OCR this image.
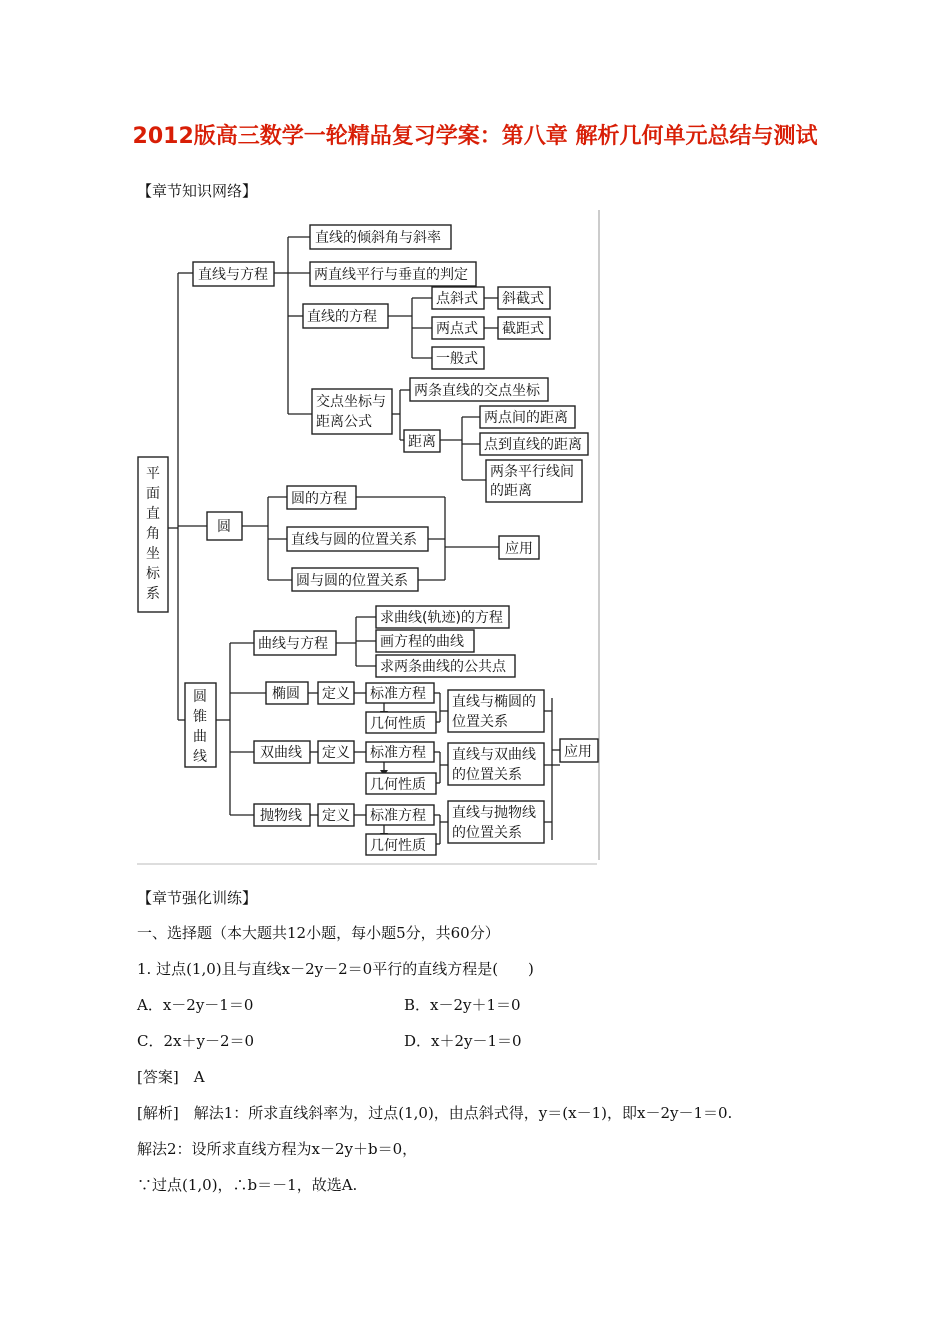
2012版高三数学一轮精品复习学案：第八章 解析几何单元总结与测试
【章节知识网络】
平
面
直
角
坐
标
系
直线与方程
直线的倾斜角与斜率
两直线平行与垂直的判定
直线的方程
点斜式 斜截式
两点式 截距式
一般式
交点坐标与
距离公式
两条直线的交点坐标
距离
两点间的距离
点到直线的距离
两条平行线间
的距离
圆
圆的方程
直线与圆的位置关系
圆与圆的位置关系
应用
圆
锥
曲
线
曲线与方程
求曲线(轨迹)的方程
画方程的曲线
求两条曲线的公共点
椭圆
双曲线
抛物线
定义
定义
定义
标准方程
几何性质
标准方程
几何性质
标准方程
几何性质
直线与椭圆的
位置关系
直线与双曲线
的位置关系
直线与抛物线
的位置关系
应用
【章节强化训练】
一、选择题（本大题共12小题，每小题5分，共60分）
1. 过点(1,0)且与直线x－2y－2＝0平行的直线方程是(　　)
A．x－2y－1＝0	B．x－2y＋1＝0
C．2x＋y－2＝0	D．x＋2y－1＝0
[答案]　A
[解析]　解法1：所求直线斜率为，过点(1,0)，由点斜式得，y＝(x－1)，即x－2y－1＝0.
解法2：设所求直线方程为x－2y＋b＝0，
∵过点(1,0)，∴b＝－1，故选A.
